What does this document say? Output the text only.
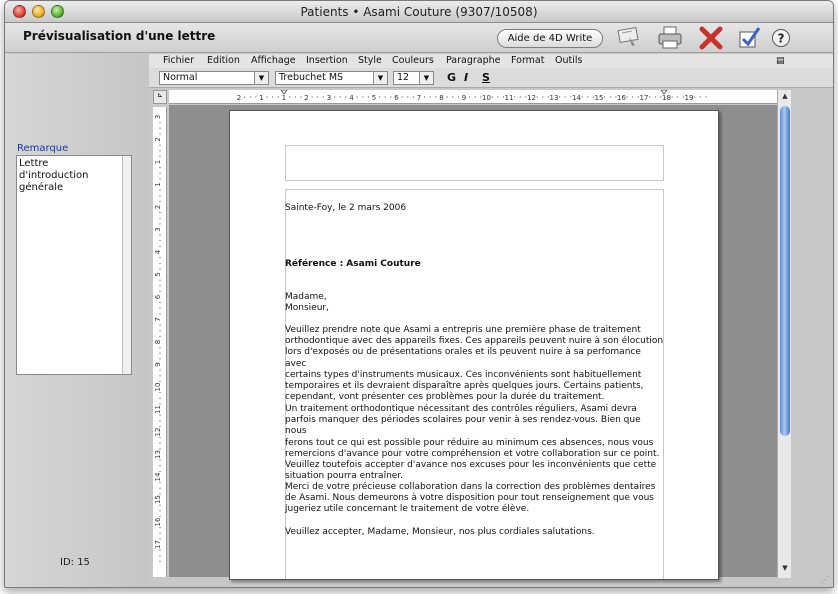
Patients • Asami Couture (9307/10508)
Prévisualisation d'une lettre	Aide de 4D Write	?
Remarque
Lettre d'introduction générale
ID: 15
Fichier Edition Affichage Insertion Style Couleurs Paragraphe Format Outils	▤
Normal	▼	Trebuchet MS	▼	12	▼	G I S
⊾	2	1	1	2	3	4	5	6	7	8	9 10 11 12 13 14 15 16 17 18 19
3
2
1
1
2
3
4
5
6
7
8
9
10
11
12
13
14
15
16
17
Sainte-Foy, le 2 mars 2006
Référence : Asami Couture
Madame,
Monsieur,
Veuillez prendre note que Asami a entrepris une première phase de traitement
orthodontique avec des appareils fixes. Ces appareils peuvent nuire à son élocution
lors d'exposés ou de présentations orales et ils peuvent nuire à sa perfomance avec
certains types d'instruments musicaux. Ces inconvénients sont habituellement
temporaires et ils devraient disparaître après quelques jours. Certains patients,
cependant, vont présenter ces problèmes pour la durée du traitement.
Un traitement orthodontique nécessitant des contrôles réguliers, Asami devra
parfois manquer des périodes scolaires pour venir à ses rendez-vous. Bien que nous
ferons tout ce qui est possible pour réduire au minimum ces absences, nous vous
remercions d'avance pour votre compréhension et votre collaboration sur ce point.
Veuillez toutefois accepter d'avance nos excuses pour les inconvénients que cette
situation pourra entraîner.
Merci de votre précieuse collaboration dans la correction des problèmes dentaires
de Asami. Nous demeurons à votre disposition pour tout renseignement que vous
jugeriez utile concernant le traitement de votre élève.
Veuillez accepter, Madame, Monsieur, nos plus cordiales salutations.
▲
▼
⋰
